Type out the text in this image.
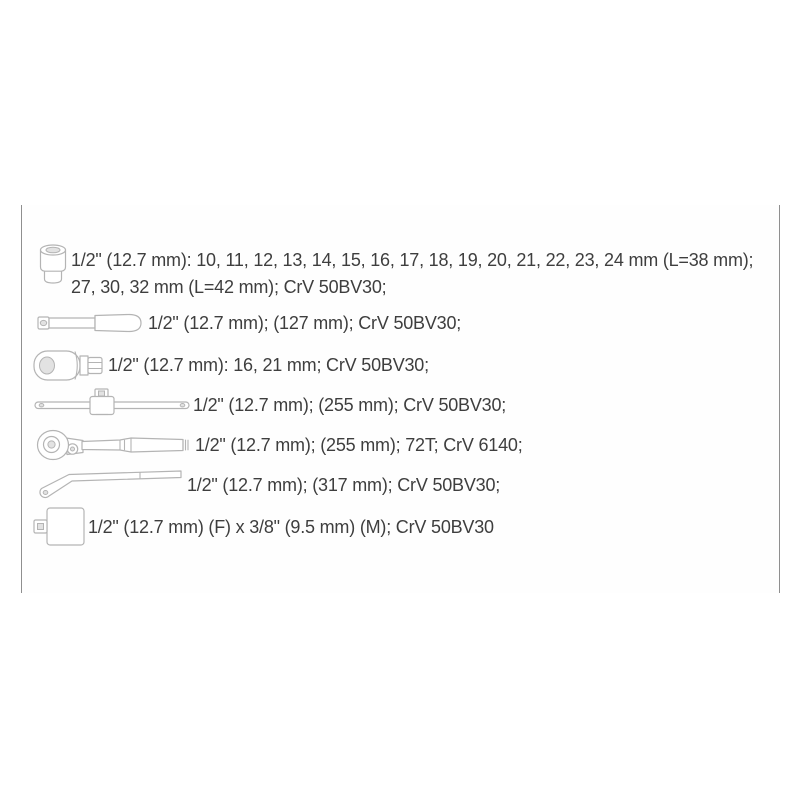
1/2" (12.7 mm): 10, 11, 12, 13, 14, 15, 16, 17, 18, 19, 20, 21, 22, 23, 24 mm (L=38 mm);
27, 30, 32 mm (L=42 mm); CrV 50BV30;
1/2" (12.7 mm); (127 mm); CrV 50BV30;
1/2" (12.7 mm): 16, 21 mm; CrV 50BV30;
1/2" (12.7 mm); (255 mm); CrV 50BV30;
1/2" (12.7 mm); (255 mm); 72T; CrV 6140;
1/2" (12.7 mm); (317 mm); CrV 50BV30;
1/2" (12.7 mm) (F) x 3/8" (9.5 mm) (M); CrV 50BV30
